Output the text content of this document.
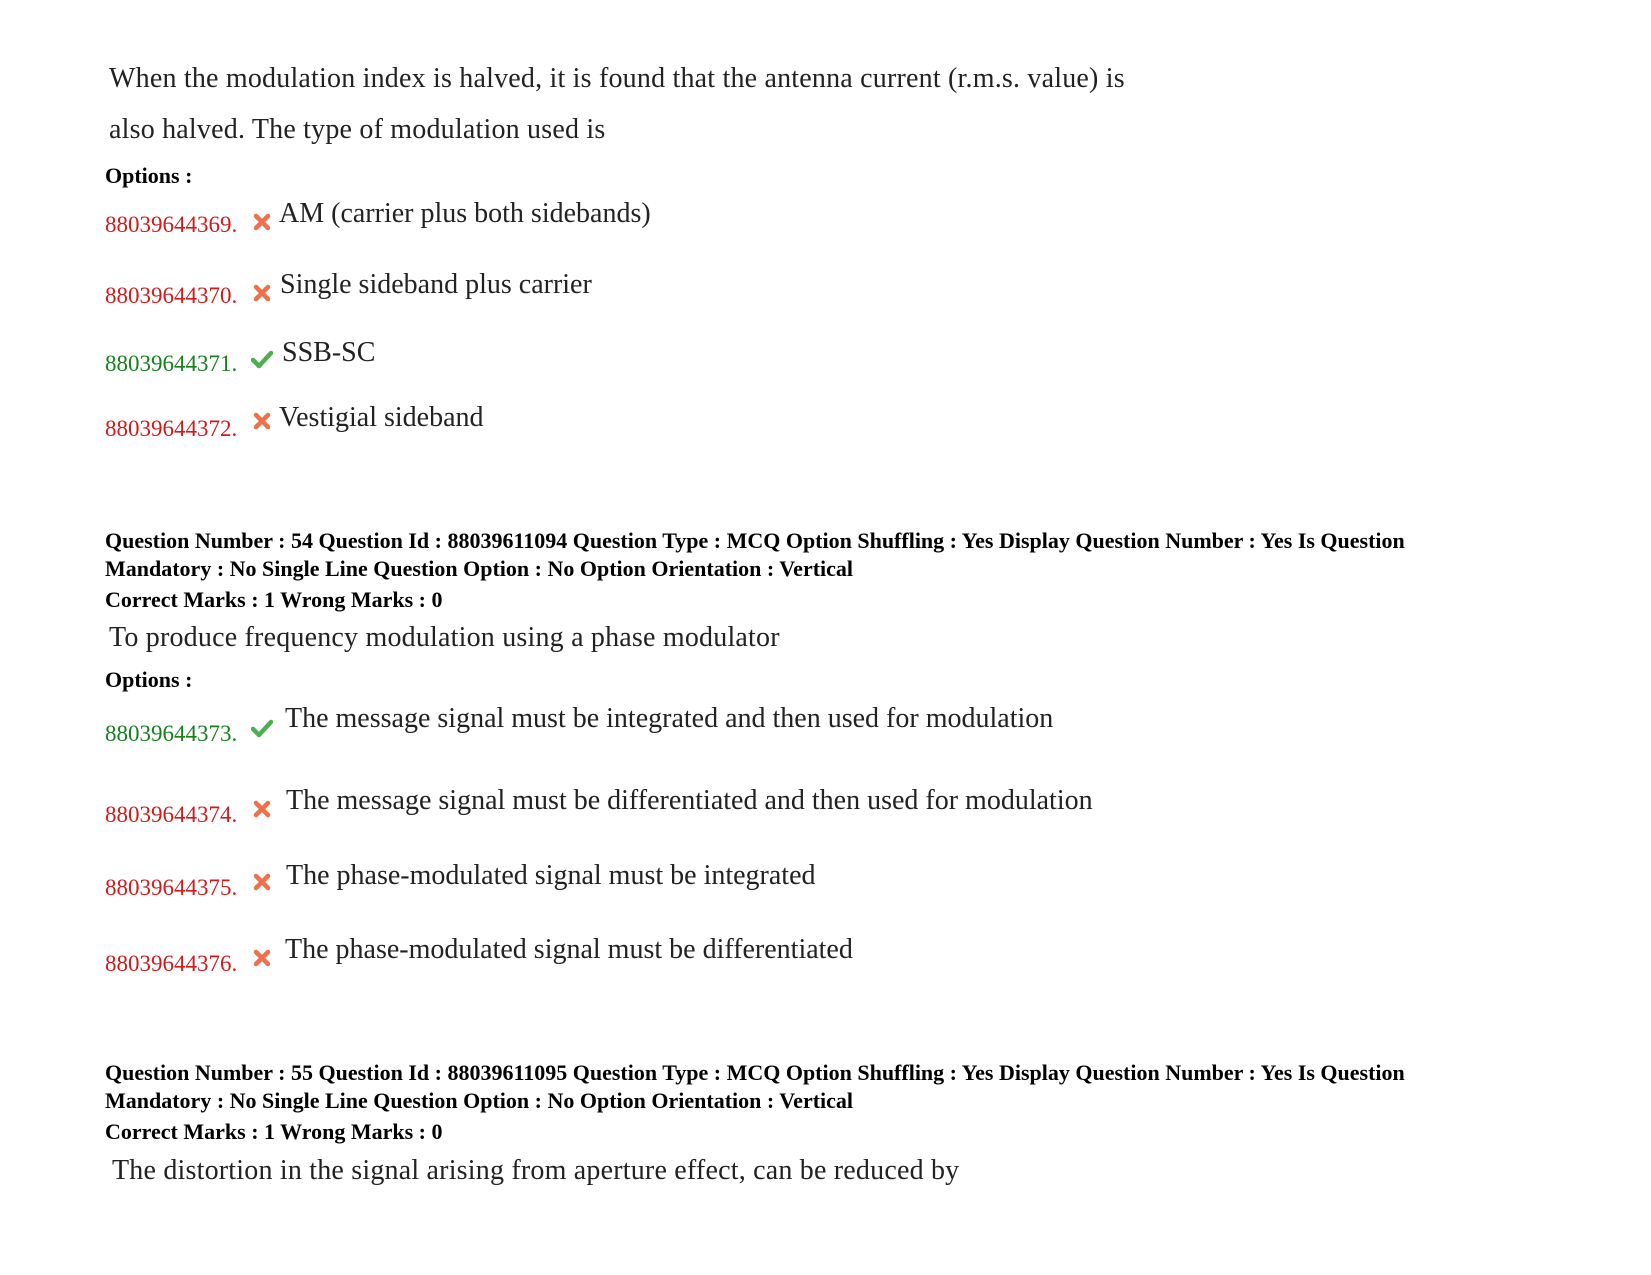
When the modulation index is halved, it is found that the antenna current (r.m.s. value) is
also halved. The type of modulation used is
Options :
88039644369. AM (carrier plus both sidebands)
88039644370. Single sideband plus carrier
88039644371. SSB-SC
88039644372. Vestigial sideband
Question Number : 54 Question Id : 88039611094 Question Type : MCQ Option Shuffling : Yes Display Question Number : Yes Is Question
Mandatory : No Single Line Question Option : No Option Orientation : Vertical
Correct Marks : 1 Wrong Marks : 0
To produce frequency modulation using a phase modulator
Options :
88039644373. The message signal must be integrated and then used for modulation
88039644374. The message signal must be differentiated and then used for modulation
88039644375. The phase-modulated signal must be integrated
88039644376. The phase-modulated signal must be differentiated
Question Number : 55 Question Id : 88039611095 Question Type : MCQ Option Shuffling : Yes Display Question Number : Yes Is Question
Mandatory : No Single Line Question Option : No Option Orientation : Vertical
Correct Marks : 1 Wrong Marks : 0
The distortion in the signal arising from aperture effect, can be reduced by
